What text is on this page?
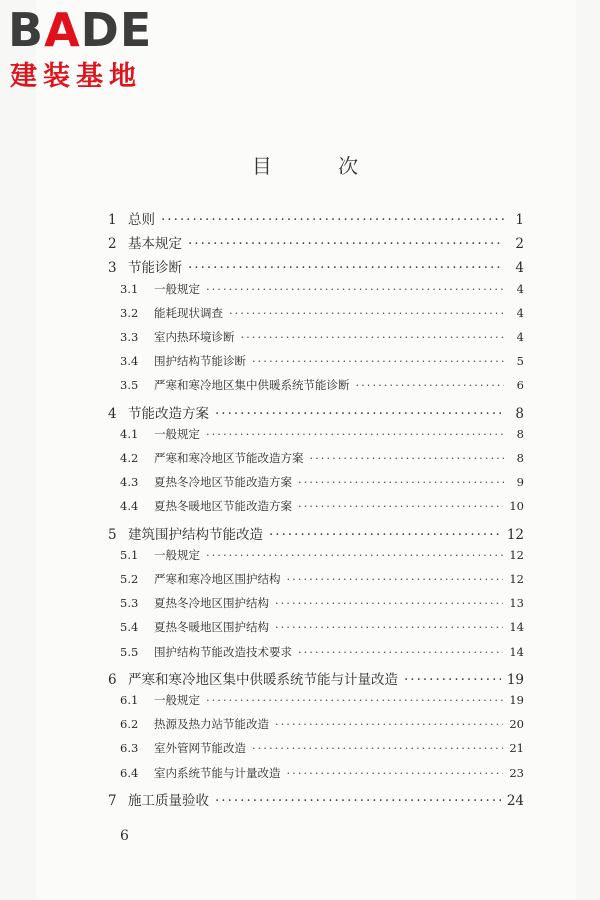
BADE
建装基地
目 次
1 总则 ·····	1
2 基本规定 ·····	2
3 节能诊断 ·····	4
3.1	一般规定 ·····	4
3.2	能耗现状调查 ·····	4
3.3	室内热环境诊断 ·····	4
3.4	围护结构节能诊断 ·····	5
3.5	严寒和寒冷地区集中供暖系统节能诊断 ·····	6
4 节能改造方案 ·····	8
4.1	一般规定 ·····	8
4.2	严寒和寒冷地区节能改造方案 ·····	8
4.3	夏热冬冷地区节能改造方案 ·····	9
4.4	夏热冬暖地区节能改造方案 ·····	10
5 建筑围护结构节能改造 ·····	12
5.1	一般规定 ·····	12
5.2	严寒和寒冷地区围护结构 ·····	12
5.3	夏热冬冷地区围护结构 ·····	13
5.4	夏热冬暖地区围护结构 ·····	14
5.5	围护结构节能改造技术要求 ·····	14
6 严寒和寒冷地区集中供暖系统节能与计量改造 ·····	19
6.1	一般规定 ·····	19
6.2	热源及热力站节能改造 ·····	20
6.3	室外管网节能改造 ·····	21
6.4	室内系统节能与计量改造 ·····	23
7 施工质量验收 ·····	24
6
